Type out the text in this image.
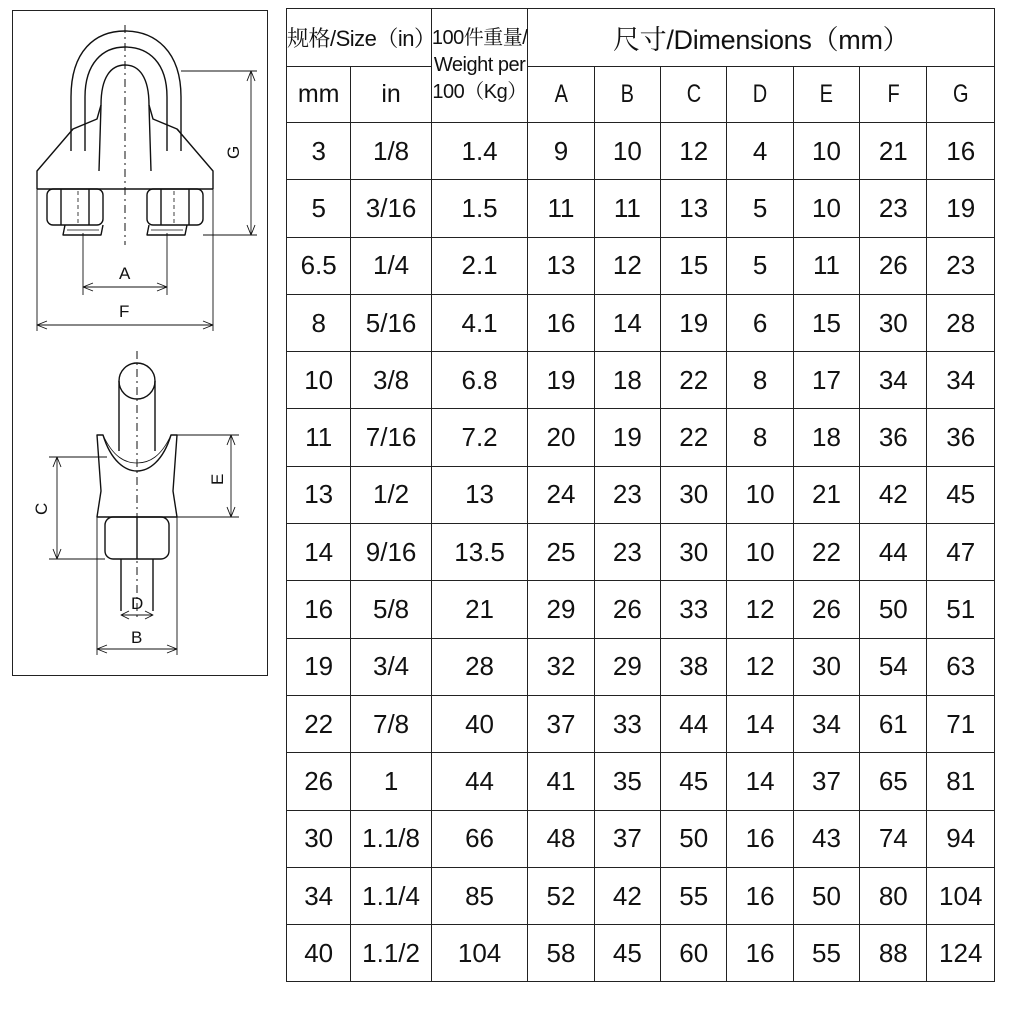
G
A
F
E
C
D
B
规格/Size（in）		100件重量/
Weight per
100（Kg）	尺寸/Dimensions（mm）						
mm	in		A	B	C	D	E	F	G
3	1/8	1.4	9	10	12	4	10	21	16
5	3/16	1.5	11	11	13	5	10	23	19
6.5	1/4	2.1	13	12	15	5	11	26	23
8	5/16	4.1	16	14	19	6	15	30	28
10	3/8	6.8	19	18	22	8	17	34	34
11	7/16	7.2	20	19	22	8	18	36	36
13	1/2	13	24	23	30	10	21	42	45
14	9/16	13.5	25	23	30	10	22	44	47
16	5/8	21	29	26	33	12	26	50	51
19	3/4	28	32	29	38	12	30	54	63
22	7/8	40	37	33	44	14	34	61	71
26	1	44	41	35	45	14	37	65	81
30	1.1/8	66	48	37	50	16	43	74	94
34	1.1/4	85	52	42	55	16	50	80	104
40	1.1/2	104	58	45	60	16	55	88	124
